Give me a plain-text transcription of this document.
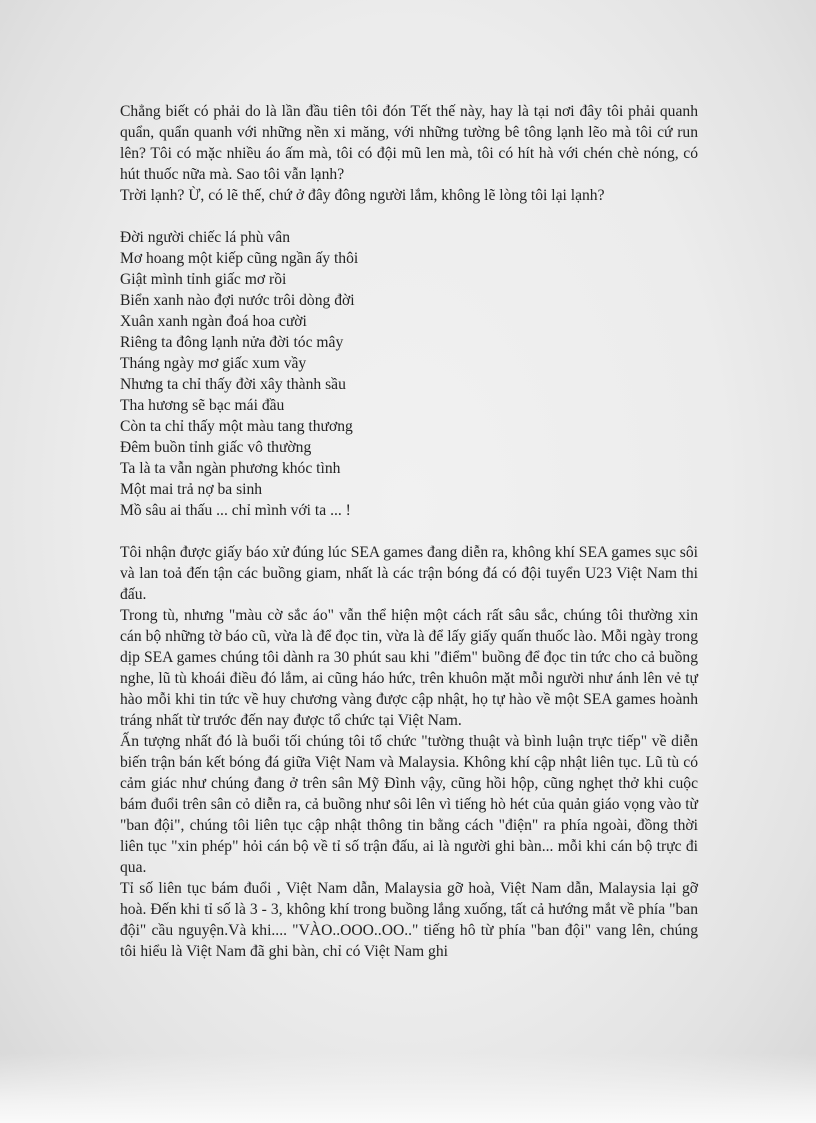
Chẳng biết có phải do là lần đầu tiên tôi đón Tết thế này, hay là tại nơi đây tôi phải quanh quẩn, quẩn quanh với những nền xi măng, với những tường bê tông lạnh lẽo mà tôi cứ run lên? Tôi có mặc nhiều áo ấm mà, tôi có đội mũ len mà, tôi có hít hà với chén chè nóng, có hút thuốc nữa mà. Sao tôi vẫn lạnh?

Trời lạnh? Ừ, có lẽ thế, chứ ở đây đông người lắm, không lẽ lòng tôi lại lạnh?

Đời người chiếc lá phù vân
Mơ hoang một kiếp cũng ngần ấy thôi
Giật mình tỉnh giấc mơ rồi
Biển xanh nào đợi nước trôi dòng đời
Xuân xanh ngàn đoá hoa cười
Riêng ta đông lạnh nửa đời tóc mây
Tháng ngày mơ giấc xum vầy
Nhưng ta chỉ thấy đời xây thành sầu
Tha hương sẽ bạc mái đầu
Còn ta chỉ thấy một màu tang thương
Đêm buồn tỉnh giấc vô thường
Ta là ta vẫn ngàn phương khóc tình
Một mai trả nợ ba sinh
Mồ sâu ai thấu ... chỉ mình với ta ... !

Tôi nhận được giấy báo xử đúng lúc SEA games đang diễn ra, không khí SEA games sục sôi và lan toả đến tận các buồng giam, nhất là các trận bóng đá có đội tuyển U23 Việt Nam thi đấu.

Trong tù, nhưng "màu cờ sắc áo" vẫn thể hiện một cách rất sâu sắc, chúng tôi thường xin cán bộ những tờ báo cũ, vừa là để đọc tin, vừa là để lấy giấy quấn thuốc lào. Mỗi ngày trong dịp SEA games chúng tôi dành ra 30 phút sau khi "điểm" buồng để đọc tin tức cho cả buồng nghe, lũ tù khoái điều đó lắm, ai cũng háo hức, trên khuôn mặt mỗi người như ánh lên vẻ tự hào mỗi khi tin tức về huy chương vàng được cập nhật, họ tự hào về một SEA games hoành tráng nhất từ trước đến nay được tổ chức tại Việt Nam.

Ấn tượng nhất đó là buổi tối chúng tôi tổ chức "tường thuật và bình luận trực tiếp" về diễn biến trận bán kết bóng đá giữa Việt Nam và Malaysia. Không khí cập nhật liên tục. Lũ tù có cảm giác như chúng đang ở trên sân Mỹ Đình vậy, cũng hồi hộp, cũng nghẹt thở khi cuộc bám đuổi trên sân cỏ diễn ra, cả buồng như sôi lên vì tiếng hò hét của quản giáo vọng vào từ "ban đội", chúng tôi liên tục cập nhật thông tin bằng cách "điện" ra phía ngoài, đồng thời liên tục "xin phép" hỏi cán bộ về tỉ số trận đấu, ai là người ghi bàn... mỗi khi cán bộ trực đi qua.

Tỉ số liên tục bám đuổi , Việt Nam dẫn, Malaysia gỡ hoà, Việt Nam dẫn, Malaysia lại gỡ hoà. Đến khi tỉ số là 3 - 3, không khí trong buồng lắng xuống, tất cả hướng mắt về phía "ban đội" cầu nguyện.Và khi.... "VÀO..OOO..OO.." tiếng hô từ phía "ban đội" vang lên, chúng tôi hiểu là Việt Nam đã ghi bàn, chỉ có Việt Nam ghi
